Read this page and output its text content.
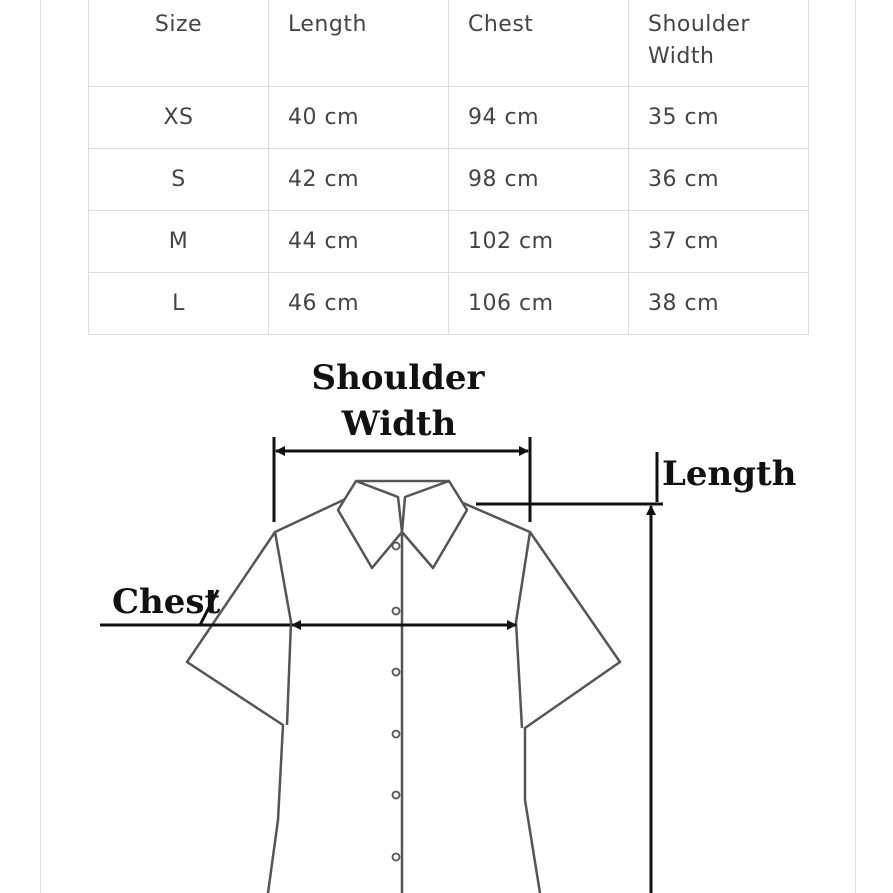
Size	Length	Chest	Shoulder Width
XS	40 cm	94 cm	35 cm
S	42 cm	98 cm	36 cm
M	44 cm	102 cm	37 cm
L	46 cm	106 cm	38 cm
Shoulder
Width
Length
Chest
